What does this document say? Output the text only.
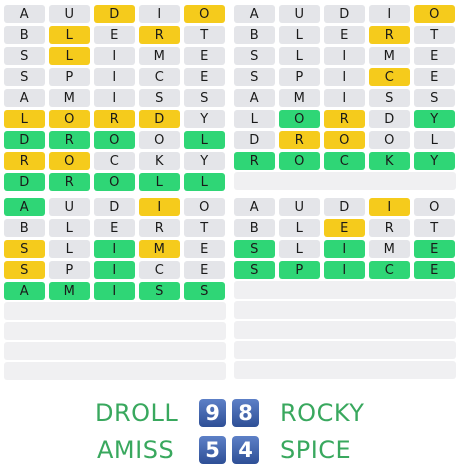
A	U	D	I	O
B	L	E	R	T
S	L	I	M	E
S	P	I	C	E
A	M	I	S	S
L	O	R	D	Y
D	R	O	O	L
R	O	C	K	Y
D	R	O	L	L
A	U	D	I	O
B	L	E	R	T
S	L	I	M	E
S	P	I	C	E
A	M	I	S	S
L	O	R	D	Y
D	R	O	O	L
R	O	C	K	Y
A	U	D	I	O
B	L	E	R	T
S	L	I	M	E
S	P	I	C	E
A	M	I	S	S
A	U	D	I	O
B	L	E	R	T
S	L	I	M	E
S	P	I	C	E
DROLL 9 8 ROCKY
AMISS 5 4 SPICE
